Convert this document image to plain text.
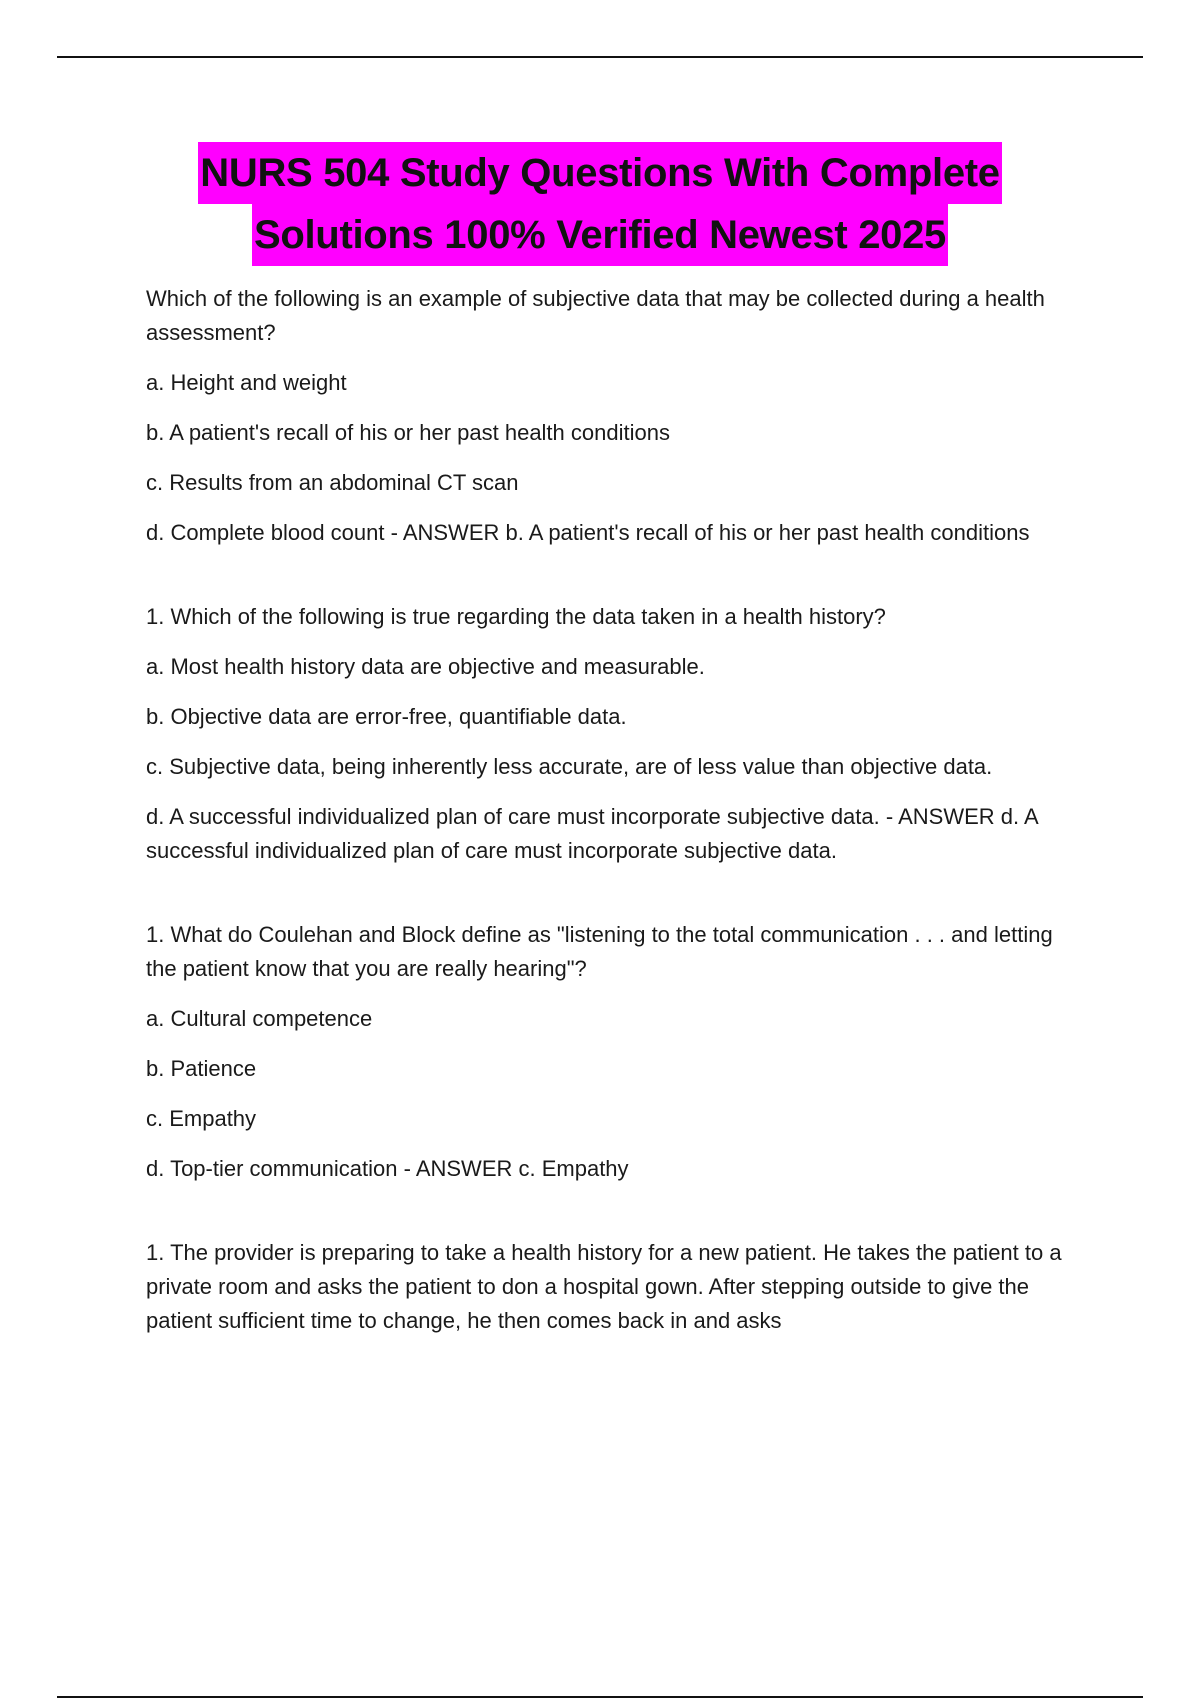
NURS 504 Study Questions With Complete
Solutions 100% Verified Newest 2025

Which of the following is an example of subjective data that may be collected during a health assessment?

a. Height and weight

b. A patient's recall of his or her past health conditions

c. Results from an abdominal CT scan

d. Complete blood count - ANSWER b. A patient's recall of his or her past health conditions

1. Which of the following is true regarding the data taken in a health history?

a. Most health history data are objective and measurable.

b. Objective data are error-free, quantifiable data.

c. Subjective data, being inherently less accurate, are of less value than objective data.

d. A successful individualized plan of care must incorporate subjective data. - ANSWER d. A successful individualized plan of care must incorporate subjective data.

1. What do Coulehan and Block define as "listening to the total communication . . . and letting the patient know that you are really hearing"?

a. Cultural competence

b. Patience

c. Empathy

d. Top-tier communication - ANSWER c. Empathy

1. The provider is preparing to take a health history for a new patient. He takes the patient to a private room and asks the patient to don a hospital gown. After stepping outside to give the patient sufficient time to change, he then comes back in and asks
